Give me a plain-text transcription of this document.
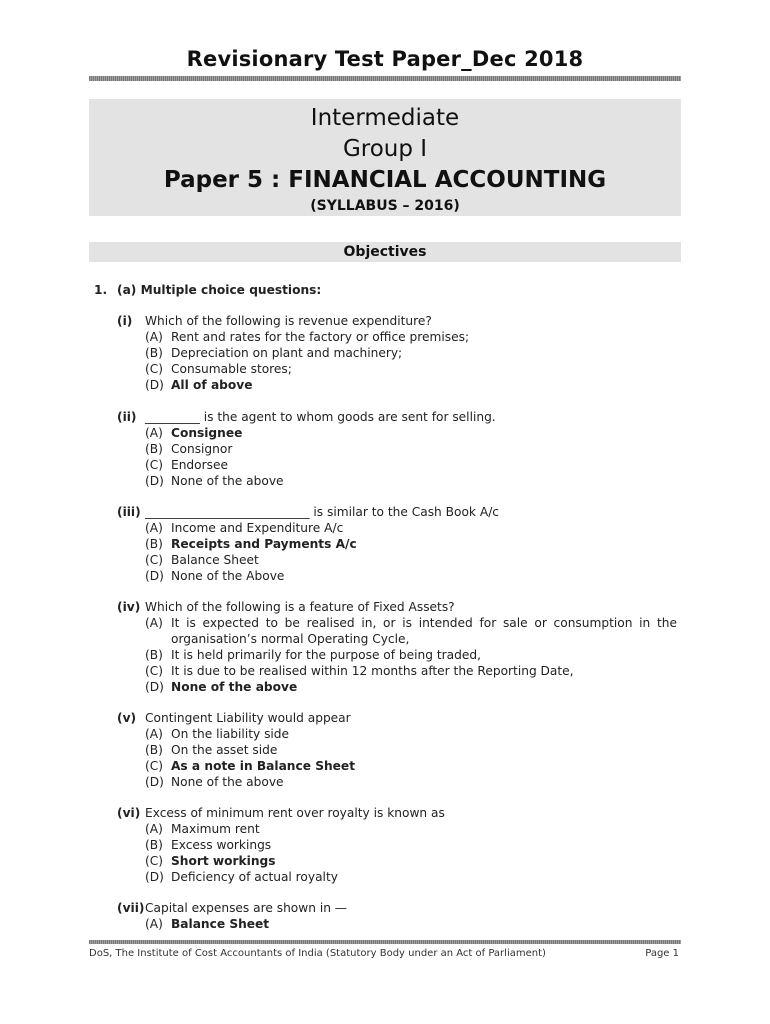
Revisionary Test Paper_Dec 2018
Intermediate
Group I
Paper 5 : FINANCIAL ACCOUNTING
(SYLLABUS – 2016)
Objectives
1. (a) Multiple choice questions:
(i) Which of the following is revenue expenditure?
(A) Rent and rates for the factory or office premises;
(B) Depreciation on plant and machinery;
(C) Consumable stores;
(D) All of above
(ii) _________ is the agent to whom goods are sent for selling.
(A) Consignee
(B) Consignor
(C) Endorsee
(D) None of the above
(iii) ___________________________ is similar to the Cash Book A/c
(A) Income and Expenditure A/c
(B) Receipts and Payments A/c
(C) Balance Sheet
(D) None of the Above
(iv) Which of the following is a feature of Fixed Assets?
(A) It is expected to be realised in, or is intended for sale or consumption in the
organisation’s normal Operating Cycle,
(B) It is held primarily for the purpose of being traded,
(C) It is due to be realised within 12 months after the Reporting Date,
(D) None of the above
(v) Contingent Liability would appear
(A) On the liability side
(B) On the asset side
(C) As a note in Balance Sheet
(D) None of the above
(vi) Excess of minimum rent over royalty is known as
(A) Maximum rent
(B) Excess workings
(C) Short workings
(D) Deficiency of actual royalty
(vii) Capital expenses are shown in —
(A) Balance Sheet
DoS, The Institute of Cost Accountants of India (Statutory Body under an Act of Parliament)	Page 1
